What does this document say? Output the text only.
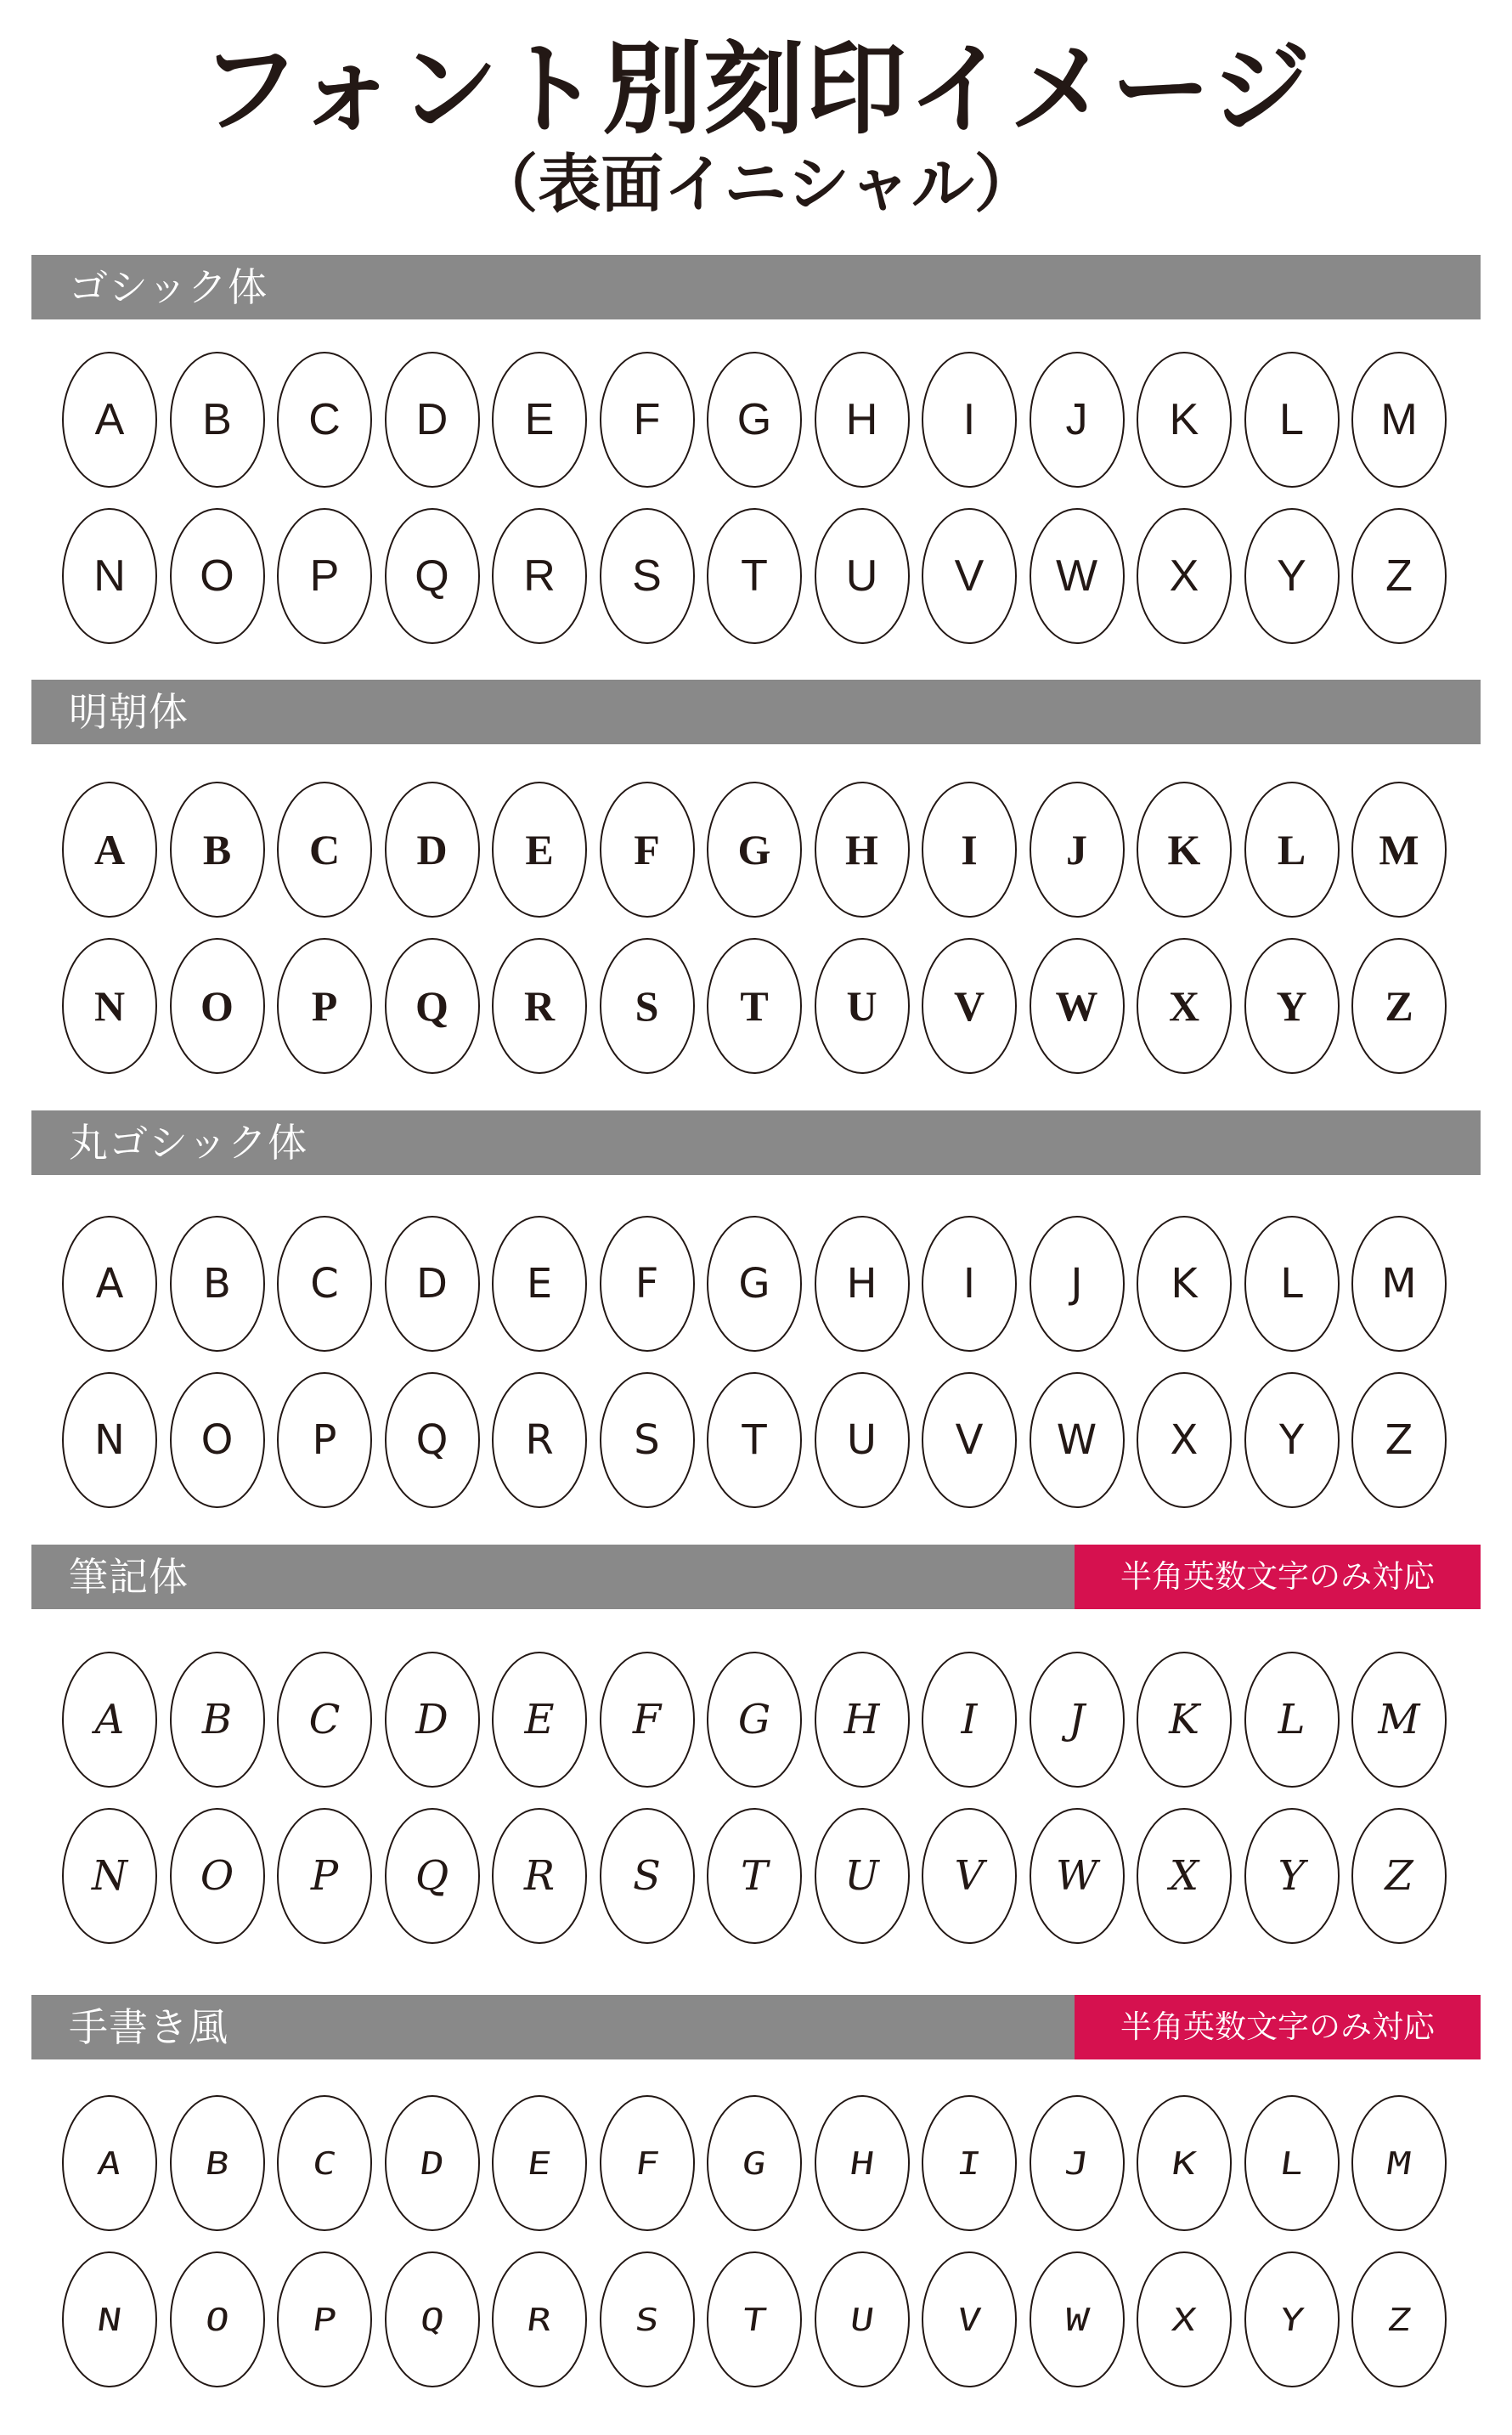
フォント別刻印イメージ
（表面イニシャル）
ゴシック体
A B C D E F G H I J K L M
N O P Q R S T U V W X Y Z
明朝体
A B C D E F G H I J K L M
N O P Q R S T U V W X Y Z
丸ゴシック体
A B C D E F G H I J K L M
N O P Q R S T U V W X Y Z
筆記体	半角英数文字のみ対応
A B C D E F G H I J K L M
N O P Q R S T U V W X Y Z
手書き風	半角英数文字のみ対応
A B C D E F G H I J K L M
N O P Q R S T U V W X Y Z
